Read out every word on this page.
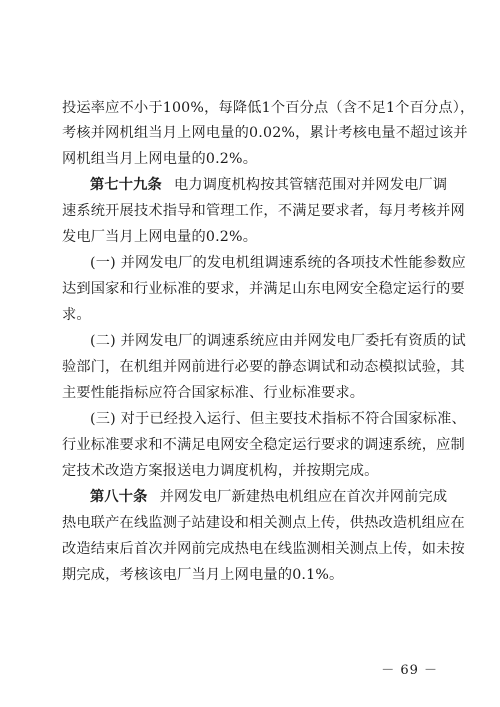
投运率应不小于100%，每降低1个百分点（含不足1个百分点），
考核并网机组当月上网电量的0.02%，累计考核电量不超过该并
网机组当月上网电量的0.2%。
第七十九条 电力调度机构按其管辖范围对并网发电厂调
速系统开展技术指导和管理工作，不满足要求者，每月考核并网
发电厂当月上网电量的0.2%。
(一) 并网发电厂的发电机组调速系统的各项技术性能参数应
达到国家和行业标准的要求，并满足山东电网安全稳定运行的要
求。
(二) 并网发电厂的调速系统应由并网发电厂委托有资质的试
验部门，在机组并网前进行必要的静态调试和动态模拟试验，其
主要性能指标应符合国家标准、行业标准要求。
(三) 对于已经投入运行、但主要技术指标不符合国家标准、
行业标准要求和不满足电网安全稳定运行要求的调速系统，应制
定技术改造方案报送电力调度机构，并按期完成。
第八十条 并网发电厂新建热电机组应在首次并网前完成
热电联产在线监测子站建设和相关测点上传，供热改造机组应在
改造结束后首次并网前完成热电在线监测相关测点上传，如未按
期完成，考核该电厂当月上网电量的0.1%。
－ 69 －
